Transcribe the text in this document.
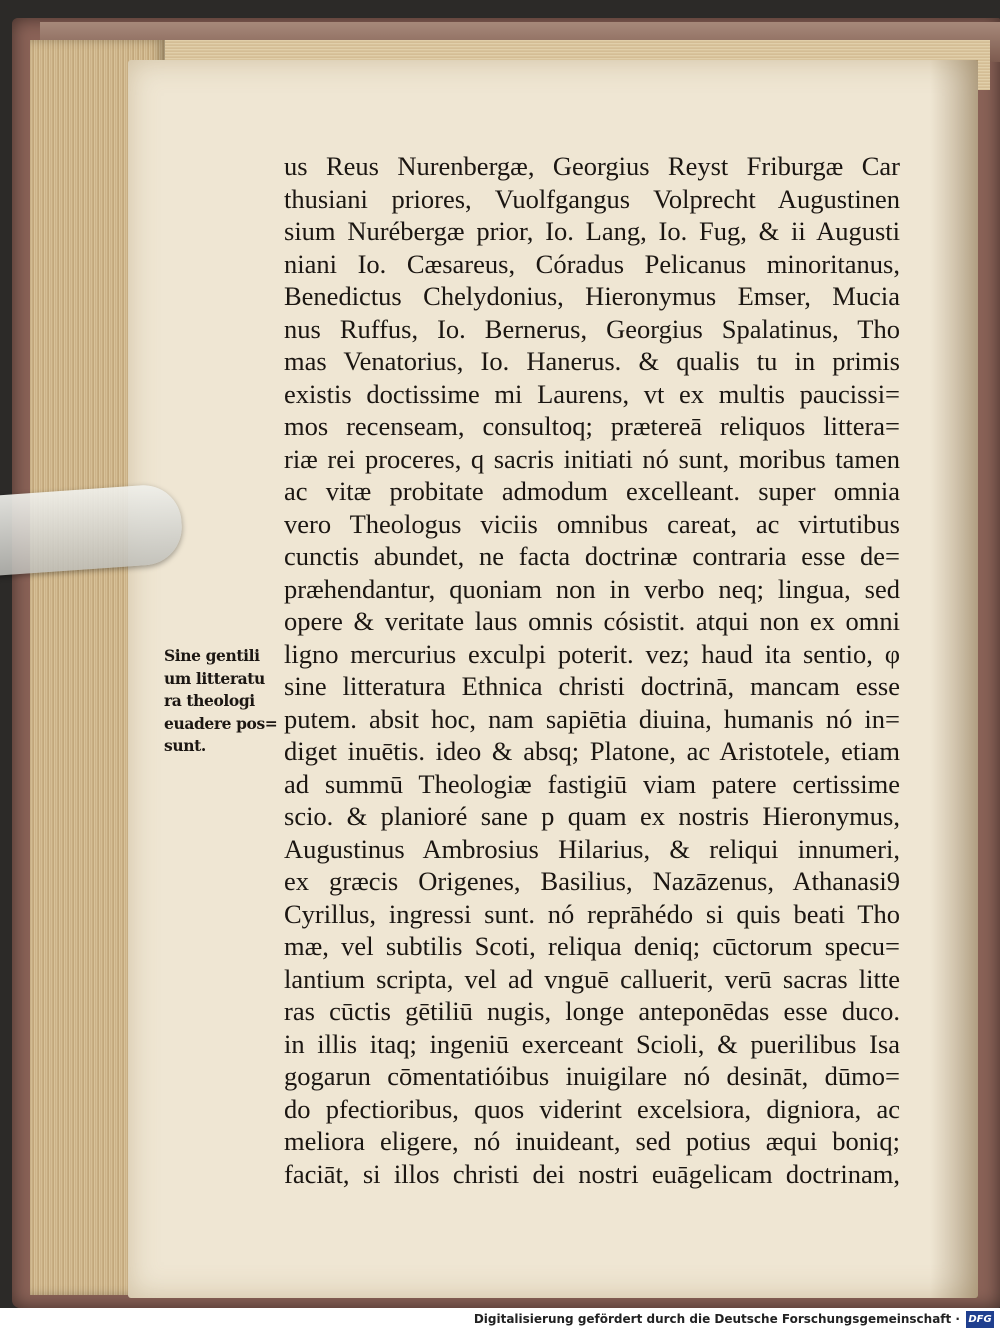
Sine gentili
um litteratu
ra theologi
euadere pos=
sunt.
us Reus Nurenbergæ, Georgius Reyst Friburgæ Car
thusiani priores, Vuolfgangus Volprecht Augustinen
sium Nurébergæ prior, Io. Lang, Io. Fug, & ii Augusti
niani Io. Cæsareus, Córadus Pelicanus minoritanus,
Benedictus Chelydonius, Hieronymus Emser, Mucia
nus Ruffus, Io. Bernerus, Georgius Spalatinus, Tho
mas Venatorius, Io. Hanerus. & qualis tu in primis
existis doctissime mi Laurens, vt ex multis paucissi=
mos recenseam, consultoq; prætereā reliquos littera=
riæ rei proceres, q sacris initiati nó sunt, moribus tamen
ac vitæ probitate admodum excelleant. super omnia
vero Theologus viciis omnibus careat, ac virtutibus
cunctis abundet, ne facta doctrinæ contraria esse de=
præhendantur, quoniam non in verbo neq; lingua, sed
opere & veritate laus omnis cósistit. atqui non ex omni
ligno mercurius exculpi poterit. vez; haud ita sentio, φ
sine litteratura Ethnica christi doctrinā, mancam esse
putem. absit hoc, nam sapiētia diuina, humanis nó in=
diget inuētis. ideo & absq; Platone, ac Aristotele, etiam
ad summū Theologiæ fastigiū viam patere certissime
scio. & planioré sane p quam ex nostris Hieronymus,
Augustinus Ambrosius Hilarius, & reliqui innumeri,
ex græcis Origenes, Basilius, Nazāzenus, Athanasi9
Cyrillus, ingressi sunt. nó reprāhédo si quis beati Tho
mæ, vel subtilis Scoti, reliqua deniq; cūctorum specu=
lantium scripta, vel ad vnguē calluerit, verū sacras litte
ras cūctis gētiliū nugis, longe anteponēdas esse duco.
in illis itaq; ingeniū exerceant Scioli, & puerilibus Isa
gogarun cōmentatióibus inuigilare nó desināt, dūmo=
do pfectioribus, quos viderint excelsiora, digniora, ac
meliora eligere, nó inuideant, sed potius æqui boniq;
faciāt, si illos christi dei nostri euāgelicam doctrinam,
Digitalisierung gefördert durch die Deutsche Forschungsgemeinschaft · DFG
